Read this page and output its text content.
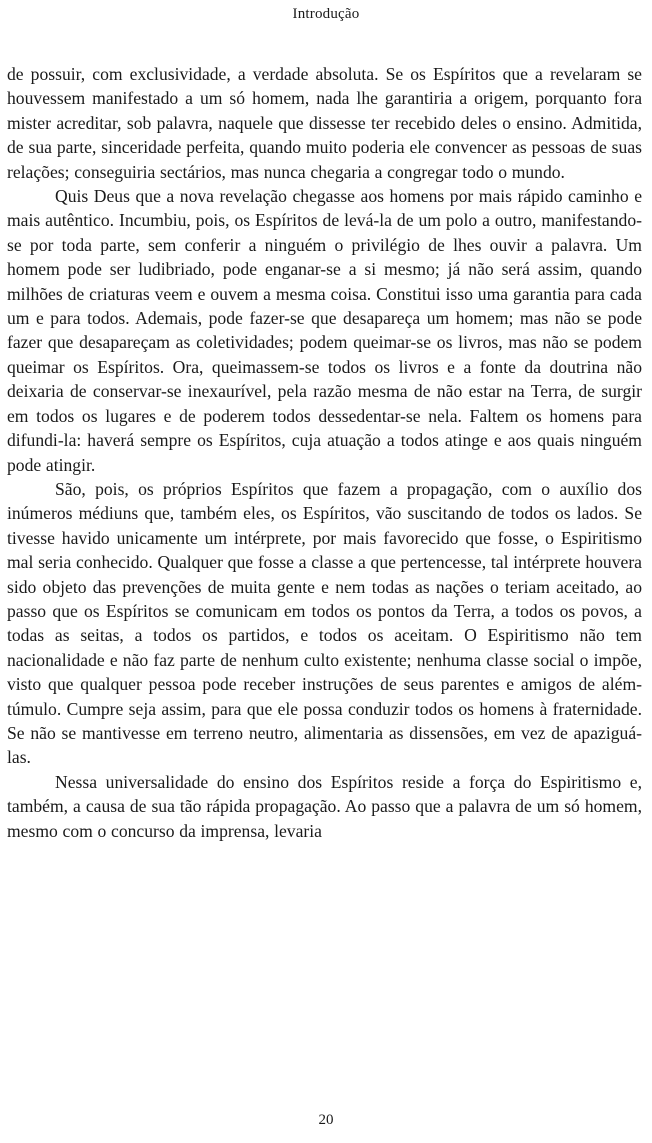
Introdução

de possuir, com exclusividade, a verdade absoluta. Se os Espíritos que a revelaram se houvessem manifestado a um só homem, nada lhe garantiria a origem, porquanto fora mister acreditar, sob palavra, naquele que dissesse ter recebido deles o ensino. Admitida, de sua parte, sinceridade perfeita, quando muito poderia ele convencer as pessoas de suas relações; conseguiria sectários, mas nunca chegaria a congregar todo o mundo.

Quis Deus que a nova revelação chegasse aos homens por mais rápido caminho e mais autêntico. Incumbiu, pois, os Espíritos de levá-la de um polo a outro, manifestando-se por toda parte, sem conferir a ninguém o privilégio de lhes ouvir a palavra. Um homem pode ser ludibriado, pode enganar-se a si mesmo; já não será assim, quando milhões de criaturas veem e ouvem a mesma coisa. Constitui isso uma garantia para cada um e para todos. Ademais, pode fazer-se que desapareça um homem; mas não se pode fazer que desapareçam as coletividades; podem queimar-se os livros, mas não se podem queimar os Espíritos. Ora, queimassem-se todos os livros e a fonte da doutrina não deixaria de conservar-se inexaurível, pela razão mesma de não estar na Terra, de surgir em todos os lugares e de poderem todos dessedentar-se nela. Faltem os homens para difundi-la: haverá sempre os Espíritos, cuja atuação a todos atinge e aos quais ninguém pode atingir.

São, pois, os próprios Espíritos que fazem a propagação, com o auxílio dos inúmeros médiuns que, também eles, os Espíritos, vão suscitando de todos os lados. Se tivesse havido unicamente um intérprete, por mais favorecido que fosse, o Espiritismo mal seria conhecido. Qualquer que fosse a classe a que pertencesse, tal intérprete houvera sido objeto das prevenções de muita gente e nem todas as nações o teriam aceitado, ao passo que os Espíritos se comunicam em todos os pontos da Terra, a todos os povos, a todas as seitas, a todos os partidos, e todos os aceitam. O Espiritismo não tem nacionalidade e não faz parte de nenhum culto existente; nenhuma classe social o impõe, visto que qualquer pessoa pode receber instruções de seus parentes e amigos de além-túmulo. Cumpre seja assim, para que ele possa conduzir todos os homens à fraternidade. Se não se mantivesse em terreno neutro, alimentaria as dissensões, em vez de apaziguá-las.

Nessa universalidade do ensino dos Espíritos reside a força do Espiritismo e, também, a causa de sua tão rápida propagação. Ao passo que a palavra de um só homem, mesmo com o concurso da imprensa, levaria

20
